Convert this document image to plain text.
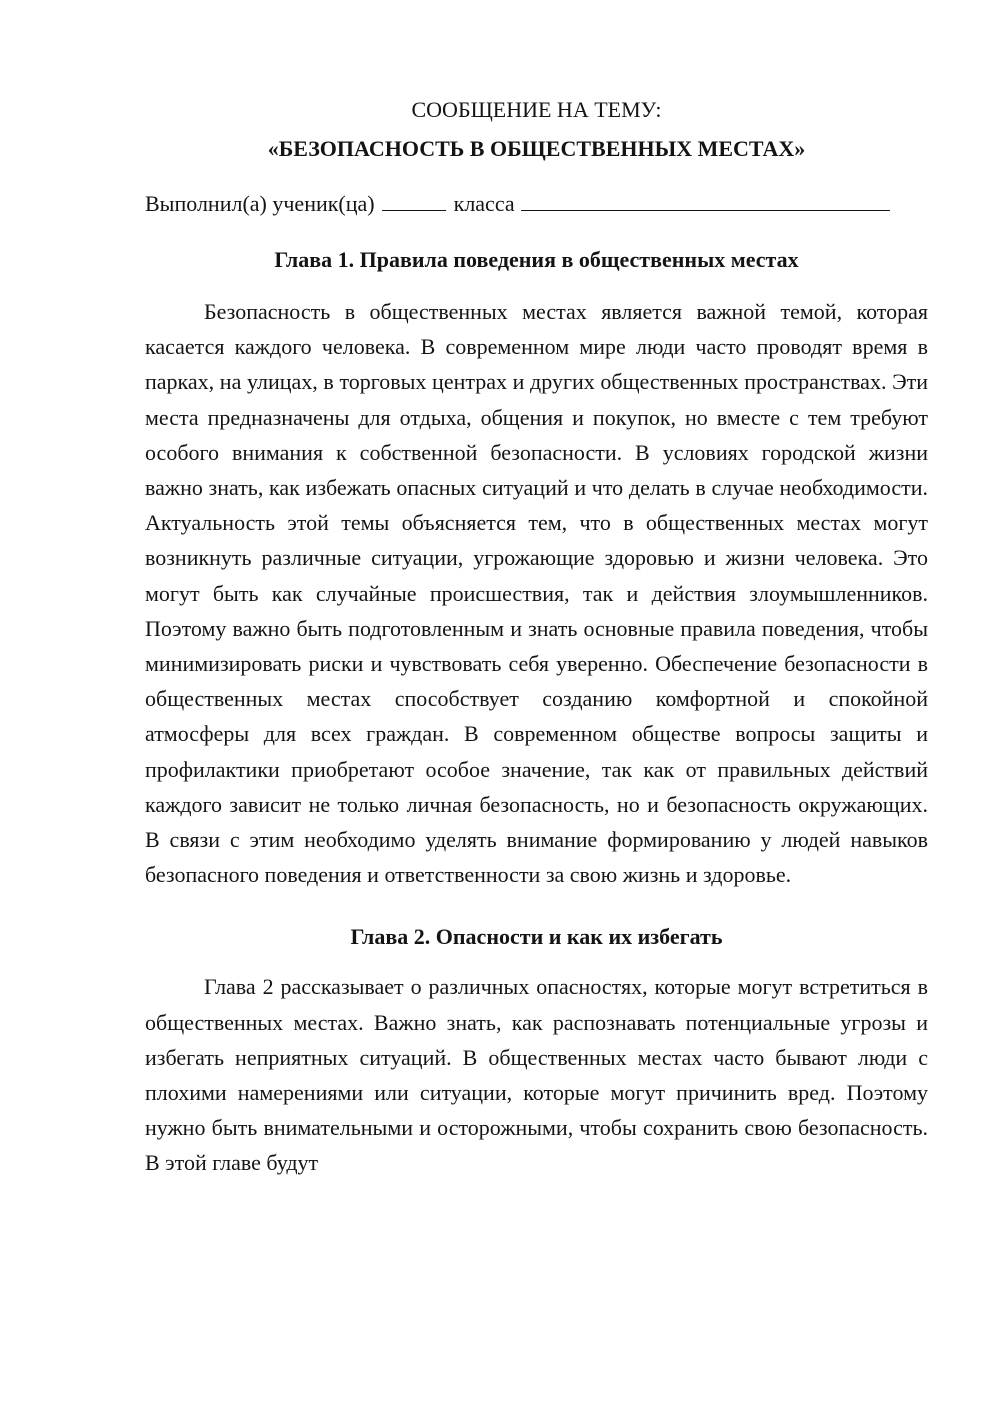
СООБЩЕНИЕ НА ТЕМУ:

«БЕЗОПАСНОСТЬ В ОБЩЕСТВЕННЫХ МЕСТАХ»

Выполнил(а) ученик(ца)	класса
Глава 1. Правила поведения в общественных местах

Безопасность в общественных местах является важной темой, которая касается каждого человека. В современном мире люди часто проводят время в парках, на улицах, в торговых центрах и других общественных пространствах. Эти места предназначены для отдыха, общения и покупок, но вместе с тем требуют особого внимания к собственной безопасности. В условиях городской жизни важно знать, как избежать опасных ситуаций и что делать в случае необходимости. Актуальность этой темы объясняется тем, что в общественных местах могут возникнуть различные ситуации, угрожающие здоровью и жизни человека. Это могут быть как случайные происшествия, так и действия злоумышленников. Поэтому важно быть подготовленным и знать основные правила поведения, чтобы минимизировать риски и чувствовать себя уверенно. Обеспечение безопасности в общественных местах способствует созданию комфортной и спокойной атмосферы для всех граждан. В современном обществе вопросы защиты и профилактики приобретают особое значение, так как от правильных действий каждого зависит не только личная безопасность, но и безопасность окружающих. В связи с этим необходимо уделять внимание формированию у людей навыков безопасного поведения и ответственности за свою жизнь и здоровье.

Глава 2. Опасности и как их избегать

Глава 2 рассказывает о различных опасностях, которые могут встретиться в общественных местах. Важно знать, как распознавать потенциальные угрозы и избегать неприятных ситуаций. В общественных местах часто бывают люди с плохими намерениями или ситуации, которые могут причинить вред. Поэтому нужно быть внимательными и осторожными, чтобы сохранить свою безопасность. В этой главе будут
